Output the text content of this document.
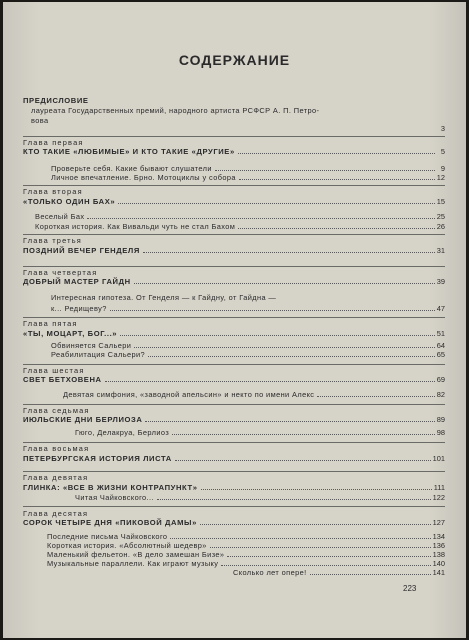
СОДЕРЖАНИЕ
ПРЕДИСЛОВИЕ
лауреата Государственных премий, народного артиста РСФСР А. П. Петро-
вова
3
Глава первая
КТО ТАКИЕ «ЛЮБИМЫЕ» И КТО ТАКИЕ «ДРУГИЕ»	5
Проверьте себя. Какие бывают слушатели	9
Личное впечатление. Брно. Мотоциклы у собора	12
Глава вторая
«ТОЛЬКО ОДИН БАХ»	15
Веселый Бах	25
Короткая история. Как Вивальди чуть не стал Бахом	26
Глава третья
ПОЗДНИЙ ВЕЧЕР ГЕНДЕЛЯ	31
Глава четвертая
ДОБРЫЙ МАСТЕР ГАЙДН	39
Интересная гипотеза. От Генделя — к Гайдну, от Гайдна —
к... Редищеву?	47
Глава пятая
«ТЫ, МОЦАРТ, БОГ...»	51
Обвиняется Сальери	64
Реабилитация Сальери?	65
Глава шестая
СВЕТ БЕТХОВЕНА	69
Девятая симфония, «заводной апельсин» и некто по имени Алекс	82
Глава седьмая
ИЮЛЬСКИЕ ДНИ БЕРЛИОЗА	89
Гюго, Делакруа, Берлиоз	98
Глава восьмая
ПЕТЕРБУРГСКАЯ ИСТОРИЯ ЛИСТА	101
Глава девятая
ГЛИНКА: «ВСЕ В ЖИЗНИ КОНТРАПУНКТ»	111
Читая Чайковского...	122
Глава десятая
СОРОК ЧЕТЫРЕ ДНЯ «ПИКОВОЙ ДАМЫ»	127
Последние письма Чайковского	134
Короткая история. «Абсолютный шедевр»	136
Маленький фельетон. «В дело замешан Бизе»	138
Музыкальные параллели. Как играют музыку	140
Сколько лет опере!	141
223
